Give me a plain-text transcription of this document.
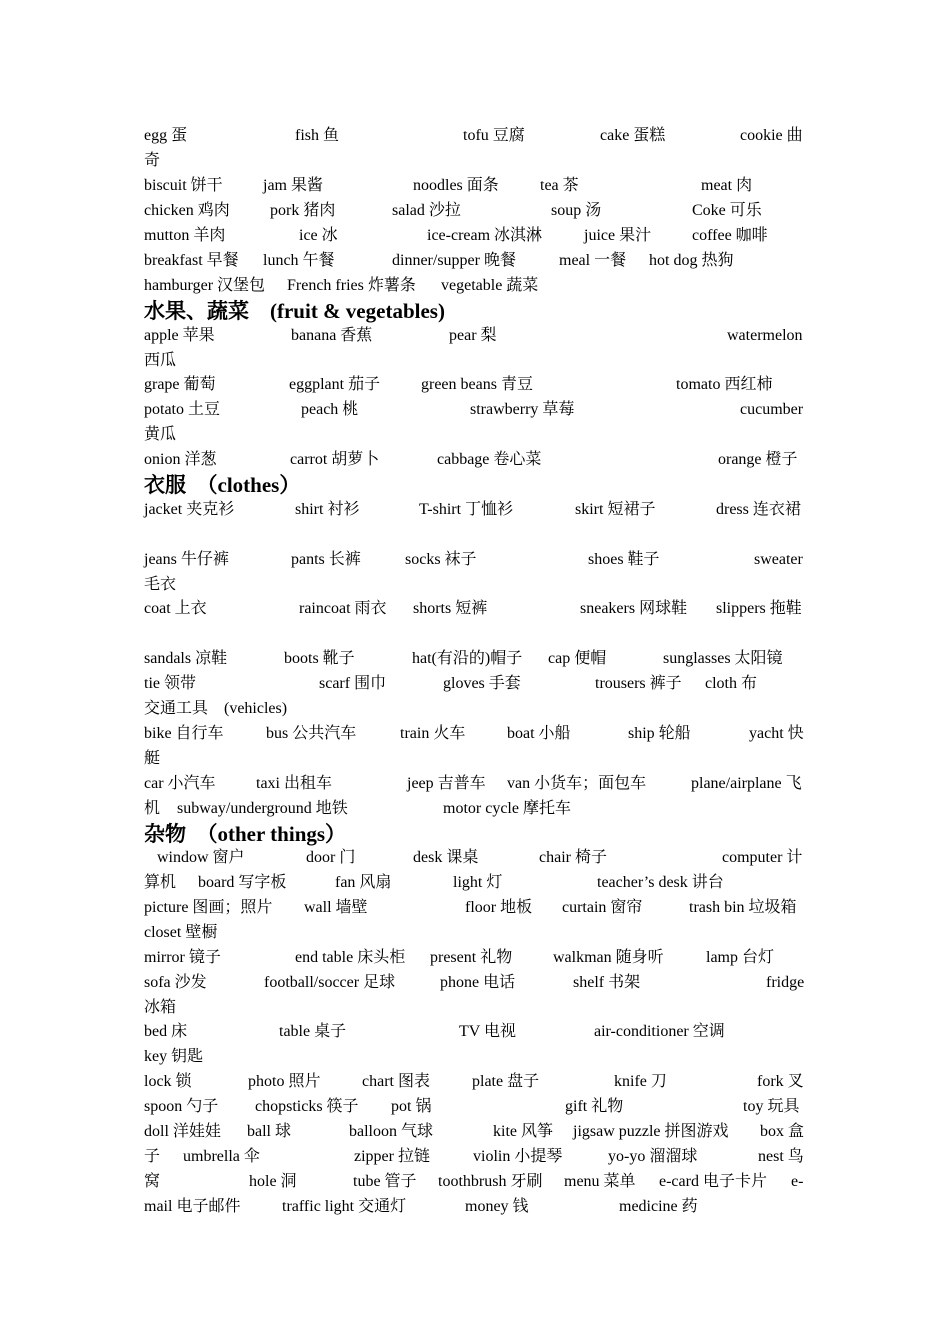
egg 蛋	fish 鱼	tofu 豆腐	cake 蛋糕	cookie 曲
奇
biscuit 饼干	jam 果酱	noodles 面条	tea 茶	meat 肉
chicken 鸡肉	pork 猪肉	salad 沙拉	soup 汤	Coke 可乐
mutton 羊肉	ice 冰	ice-cream 冰淇淋	juice 果汁	coffee 咖啡
breakfast 早餐 lunch 午餐	dinner/supper 晚餐	meal 一餐 hot dog 热狗
hamburger 汉堡包 French fries 炸薯条 vegetable 蔬菜
水果、蔬菜　(fruit & vegetables)
apple 苹果	banana 香蕉	pear 梨	watermelon
西瓜
grape 葡萄	eggplant 茄子	green beans 青豆	tomato 西红柿
potato 土豆	peach 桃	strawberry 草莓	cucumber
黄瓜
onion 洋葱	carrot 胡萝卜	cabbage 卷心菜	orange 橙子
衣服　（clothes）
jacket 夹克衫	shirt 衬衫	T-shirt 丁恤衫	skirt 短裙子	dress 连衣裙
jeans 牛仔裤	pants 长裤	socks 袜子	shoes 鞋子	sweater
毛衣
coat 上衣	raincoat 雨衣 shorts 短裤	sneakers 网球鞋 slippers 拖鞋
sandals 凉鞋	boots 靴子	hat(有沿的)帽子 cap 便帽	sunglasses 太阳镜
tie 领带	scarf 围巾	gloves 手套	trousers 裤子 cloth 布
交通工具　(vehicles)
bike 自行车	bus 公共汽车	train 火车	boat 小船	ship 轮船	yacht 快
艇
car 小汽车	taxi 出租车	jeep 吉普车 van 小货车；面包车	plane/airplane 飞
机 subway/underground 地铁	motor cycle 摩托车
杂物　（other things）
window 窗户	door 门	desk 课桌	chair 椅子	computer 计
算机 board 写字板	fan 风扇	light 灯	teacher’s desk 讲台
picture 图画；照片 wall 墙壁	floor 地板 curtain 窗帘	trash bin 垃圾箱
closet 壁橱
mirror 镜子	end table 床头柜 present 礼物	walkman 随身听	lamp 台灯
sofa 沙发	football/soccer 足球	phone 电话	shelf 书架	fridge
冰箱
bed 床	table 桌子	TV 电视	air-conditioner 空调
key 钥匙
lock 锁	photo 照片	chart 图表	plate 盘子	knife 刀	fork 叉
spoon 勺子 chopsticks 筷子 pot 锅	gift 礼物	toy 玩具
doll 洋娃娃 ball 球	balloon 气球	kite 风筝 jigsaw puzzle 拼图游戏 box 盒
子 umbrella 伞	zipper 拉链	violin 小提琴	yo-yo 溜溜球	nest 鸟
窝	hole 洞	tube 管子 toothbrush 牙刷 menu 菜单 e-card 电子卡片 e-
mail 电子邮件	traffic light 交通灯	money 钱	medicine 药
